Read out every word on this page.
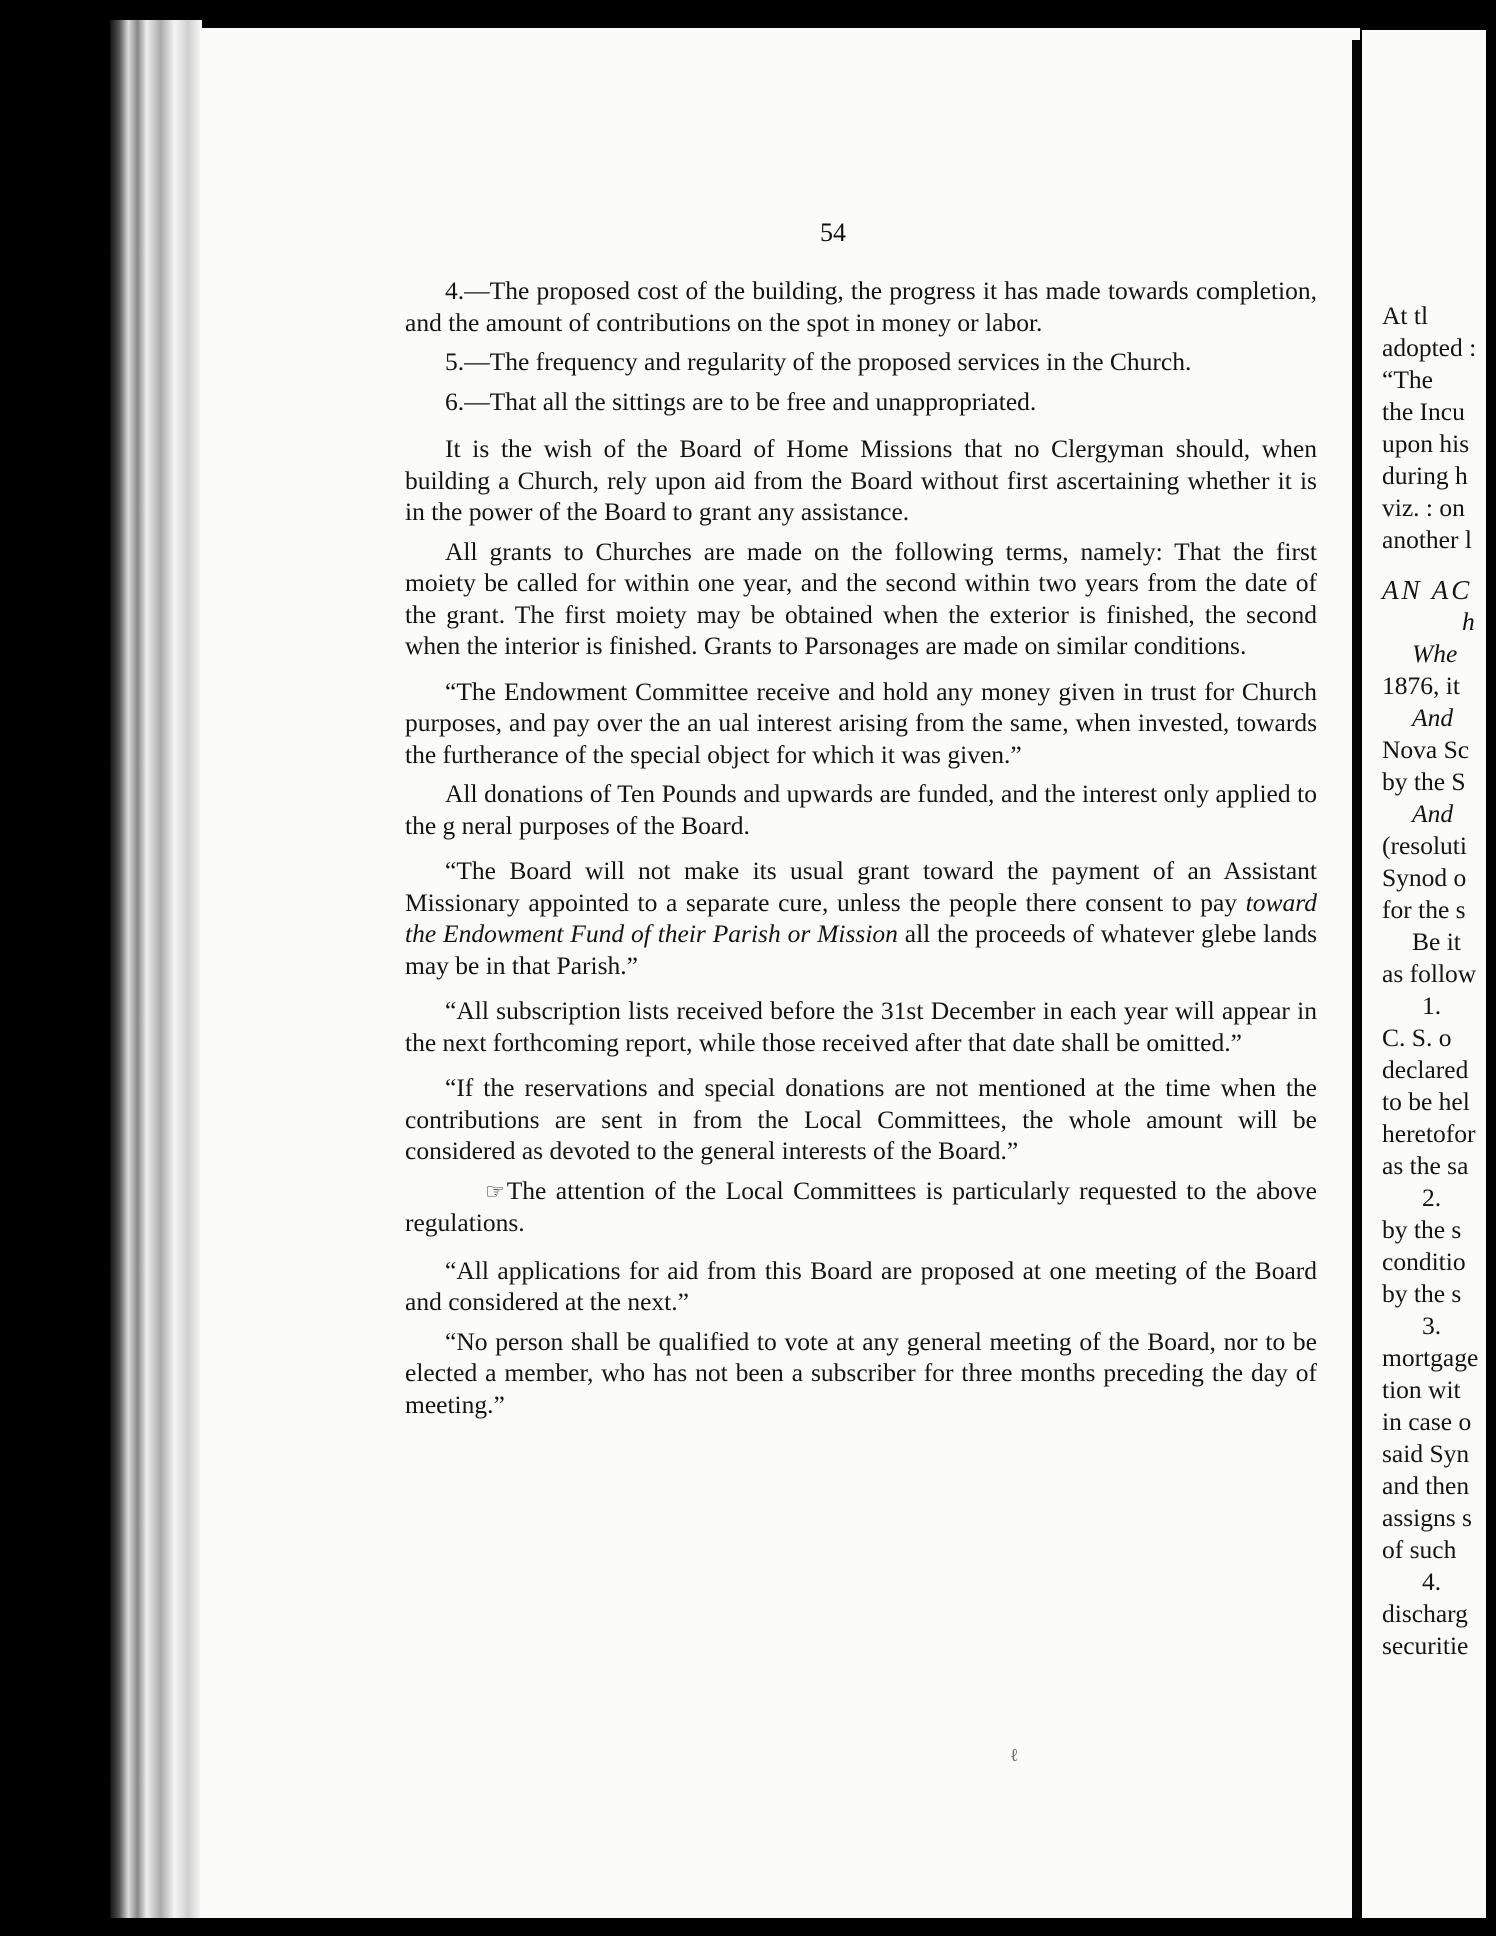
54

4.—The proposed cost of the building, the progress it has made towards completion, and the amount of contributions on the spot in money or labor.

5.—The frequency and regularity of the proposed services in the Church.

6.—That all the sittings are to be free and unappropriated.

It is the wish of the Board of Home Missions that no Clergyman should, when building a Church, rely upon aid from the Board without first ascertaining whether it is in the power of the Board to grant any assistance.

All grants to Churches are made on the following terms, namely: That the first moiety be called for within one year, and the second within two years from the date of the grant. The first moiety may be obtained when the exterior is finished, the second when the interior is finished. Grants to Parsonages are made on similar conditions.

“The Endowment Committee receive and hold any money given in trust for Church purposes, and pay over the an ual interest arising from the same, when invested, towards the furtherance of the special object for which it was given.”

All donations of Ten Pounds and upwards are funded, and the interest only applied to the g neral purposes of the Board.

“The Board will not make its usual grant toward the payment of an Assistant Missionary appointed to a separate cure, unless the people there consent to pay toward the Endowment Fund of their Parish or Mission all the proceeds of whatever glebe lands may be in that Parish.”

“All subscription lists received before the 31st December in each year will appear in the next forthcoming report, while those received after that date shall be omitted.”

“If the reservations and special donations are not mentioned at the time when the contributions are sent in from the Local Committees, the whole amount will be considered as devoted to the general interests of the Board.”

☞The attention of the Local Committees is particularly requested to the above regulations.

“All applications for aid from this Board are proposed at one meeting of the Board and considered at the next.”

“No person shall be qualified to vote at any general meeting of the Board, nor to be elected a member, who has not been a subscriber for three months preceding the day of meeting.”

At tl
adopted :
“The
the Incu
upon his
during h
viz. : on
another l
AN AC
h
Whe
1876, it
And
Nova Sc
by the S
And
(resoluti
Synod o
for the s
Be it
as follow
1.
C. S. o
declared
to be hel
heretofor
as the sa
2.
by the s
conditio
by the s
3.
mortgage
tion wit
in case o
said Syn
and then
assigns s
of such
4.
discharg
securitie
ℓ
